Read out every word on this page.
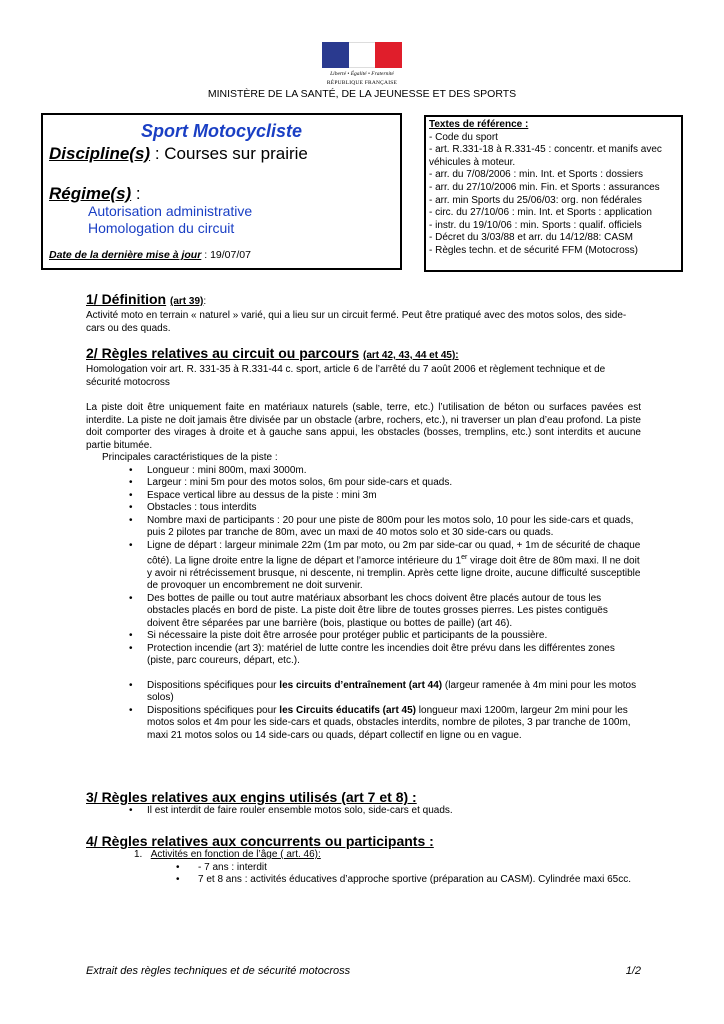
Liberté • Égalité • Fraternité
RÉPUBLIQUE FRANÇAISE
MINISTÈRE DE LA SANTÉ, DE LA JEUNESSE ET DES SPORTS
Sport Motocycliste
Discipline(s) : Courses sur prairie
Régime(s) :
Autorisation administrative
Homologation du circuit
Date de la dernière mise à jour : 19/07/07
Textes de référence :
- Code du sport
- art. R.331-18 à R.331-45 : concentr. et manifs avec véhicules à moteur.
- arr. du 7/08/2006 : min. Int. et Sports : dossiers
- arr. du 27/10/2006 min. Fin. et Sports : assurances
- arr. min Sports du 25/06/03: org. non fédérales
- circ. du 27/10/06 : min. Int. et Sports : application
- instr. du 19/10/06 : min. Sports : qualif. officiels
- Décret du 3/03/88 et arr. du 14/12/88: CASM
- Règles techn. et de sécurité FFM (Motocross)
1/ Définition (art 39):
Activité moto en terrain « naturel » varié, qui a lieu sur un circuit fermé. Peut être pratiqué avec des motos solos, des side-cars ou des quads.
2/ Règles relatives au circuit ou parcours (art 42, 43, 44 et 45):
Homologation voir art. R. 331-35 à R.331-44 c. sport, article 6 de l’arrêté du 7 août 2006 et règlement technique et de sécurité motocross
La piste doit être uniquement faite en matériaux naturels (sable, terre, etc.) l’utilisation de béton ou surfaces pavées est interdite. La piste ne doit jamais être divisée par un obstacle (arbre, rochers, etc.), ni traverser un plan d’eau profond. La piste doit comporter des virages à droite et à gauche sans appui, les obstacles (bosses, tremplins, etc.) sont interdits et aucune partie bitumée.
Principales caractéristiques de la piste :
• Longueur : mini 800m, maxi 3000m.
• Largeur : mini 5m pour des motos solos, 6m pour side-cars et quads.
• Espace vertical libre au dessus de la piste : mini 3m
• Obstacles : tous interdits
• Nombre maxi de participants : 20 pour une piste de 800m pour les motos solo, 10 pour les side-cars et quads, puis 2 pilotes par tranche de 80m, avec un maxi de 40 motos solo et 30 side-cars ou quads.
• Ligne de départ : largeur minimale 22m (1m par moto, ou 2m par side-car ou quad, + 1m de sécurité de chaque côté). La ligne droite entre la ligne de départ et l’amorce intérieure du 1er virage doit être de 80m maxi. Il ne doit y avoir ni rétrécissement brusque, ni descente, ni tremplin. Après cette ligne droite, aucune difficulté susceptible de provoquer un encombrement ne doit survenir.
• Des bottes de paille ou tout autre matériaux absorbant les chocs doivent être placés autour de tous les obstacles placés en bord de piste. La piste doit être libre de toutes grosses pierres. Les pistes contiguës doivent être séparées par une barrière (bois, plastique ou bottes de paille) (art 46).
• Si nécessaire la piste doit être arrosée pour protéger public et participants de la poussière.
• Protection incendie (art 3): matériel de lutte contre les incendies doit être prévu dans les différentes zones (piste, parc coureurs, départ, etc.).
• Dispositions spécifiques pour les circuits d’entraînement (art 44) (largeur ramenée à 4m mini pour les motos solos)
• Dispositions spécifiques pour les Circuits éducatifs (art 45) longueur maxi 1200m, largeur 2m mini pour les motos solos et 4m pour les side-cars et quads, obstacles interdits, nombre de pilotes, 3 par tranche de 100m, maxi 21 motos solos ou 14 side-cars ou quads, départ collectif en ligne ou en vague.
3/ Règles relatives aux engins utilisés (art 7 et 8) :
• Il est interdit de faire rouler ensemble motos solo, side-cars et quads.
4/ Règles relatives aux concurrents ou participants :
1. Activités en fonction de l’âge ( art. 46):
• - 7 ans : interdit
• 7 et 8 ans : activités éducatives d’approche sportive (préparation au CASM). Cylindrée maxi 65cc.
Extrait des règles techniques et de sécurité motocross	1/2
